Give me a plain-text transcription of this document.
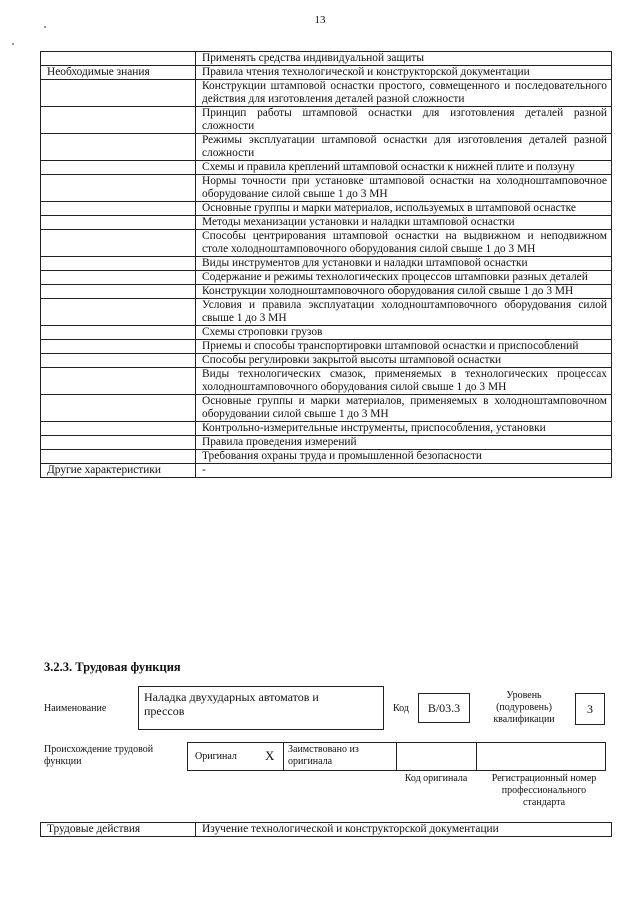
13
	Применять средства индивидуальной защиты
Необходимые знания	Правила чтения технологической и конструкторской документации
	Конструкции штамповой оснастки простого, совмещенного и последовательного действия для изготовления деталей разной сложности
	Принцип работы штамповой оснастки для изготовления деталей разной сложности
	Режимы эксплуатации штамповой оснастки для изготовления деталей разной сложности
	Схемы и правила креплений штамповой оснастки к нижней плите и ползуну
	Нормы точности при установке штамповой оснастки на холодноштамповочное оборудование силой свыше 1 до 3 МН
	Основные группы и марки материалов, используемых в штамповой оснастке
	Методы механизации установки и наладки штамповой оснастки
	Способы центрирования штамповой оснастки на выдвижном и неподвижном столе холодноштамповочного оборудования силой свыше 1 до 3 МН
	Виды инструментов для установки и наладки штамповой оснастки
	Содержание и режимы технологических процессов штамповки разных деталей
	Конструкции холодноштамповочного оборудования силой свыше 1 до 3 МН
	Условия и правила эксплуатации холодноштамповочного оборудования силой свыше 1 до 3 МН
	Схемы строповки грузов
	Приемы и способы транспортировки штамповой оснастки и приспособлений
	Способы регулировки закрытой высоты штамповой оснастки
	Виды технологических смазок, применяемых в технологических процессах холодноштамповочного оборудования силой свыше 1 до 3 МН
	Основные группы и марки материалов, применяемых в холодноштамповочном оборудовании силой свыше 1 до 3 МН
	Контрольно-измерительные инструменты, приспособления, установки
	Правила проведения измерений
	Требования охраны труда и промышленной безопасности
Другие характеристики	-
3.2.3. Трудовая функция
Наименование
Наладка двухударных автоматов и прессов	Код	B/03.3
Уровень (подуровень) квалификации
3
Происхождение трудовой функции	Оригинал X Заимствовано из оригинала
Код оригинала	Регистрационный номер профессионального стандарта
Трудовые действия	Изучение технологической и конструкторской документации
